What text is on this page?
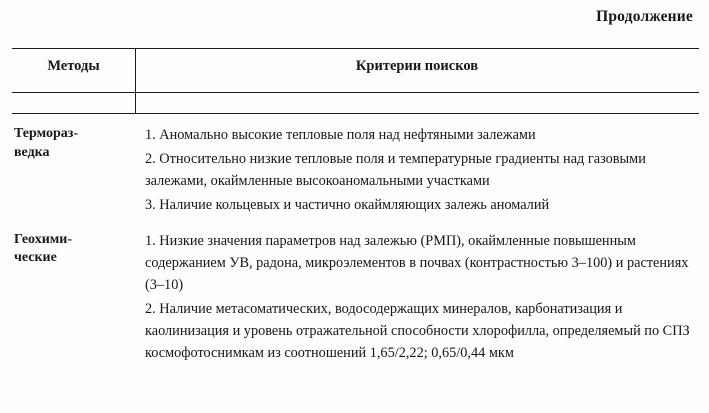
Продолжение
Методы	Критерии поисков
Термораз-
ведка
1. Аномально высокие тепловые поля над нефтяными залежами
2. Относительно низкие тепловые поля и температурные градиенты над газовыми залежами, окаймленные высокоаномальными участками
3. Наличие кольцевых и частично окаймляющих залежь аномалий
Геохими-
ческие
1. Низкие значения параметров над залежью (РМП), окаймленные повышенным содержанием УВ, радона, микроэлементов в почвах (контрастностью 3–100) и растениях (3–10)
2. Наличие метасоматических, водосодержащих минералов, карбонатизация и каолинизация и уровень отражательной способности хлорофилла, определяемый по СПЗ космофотоснимкам из соотношений 1,65/2,22; 0,65/0,44 мкм
